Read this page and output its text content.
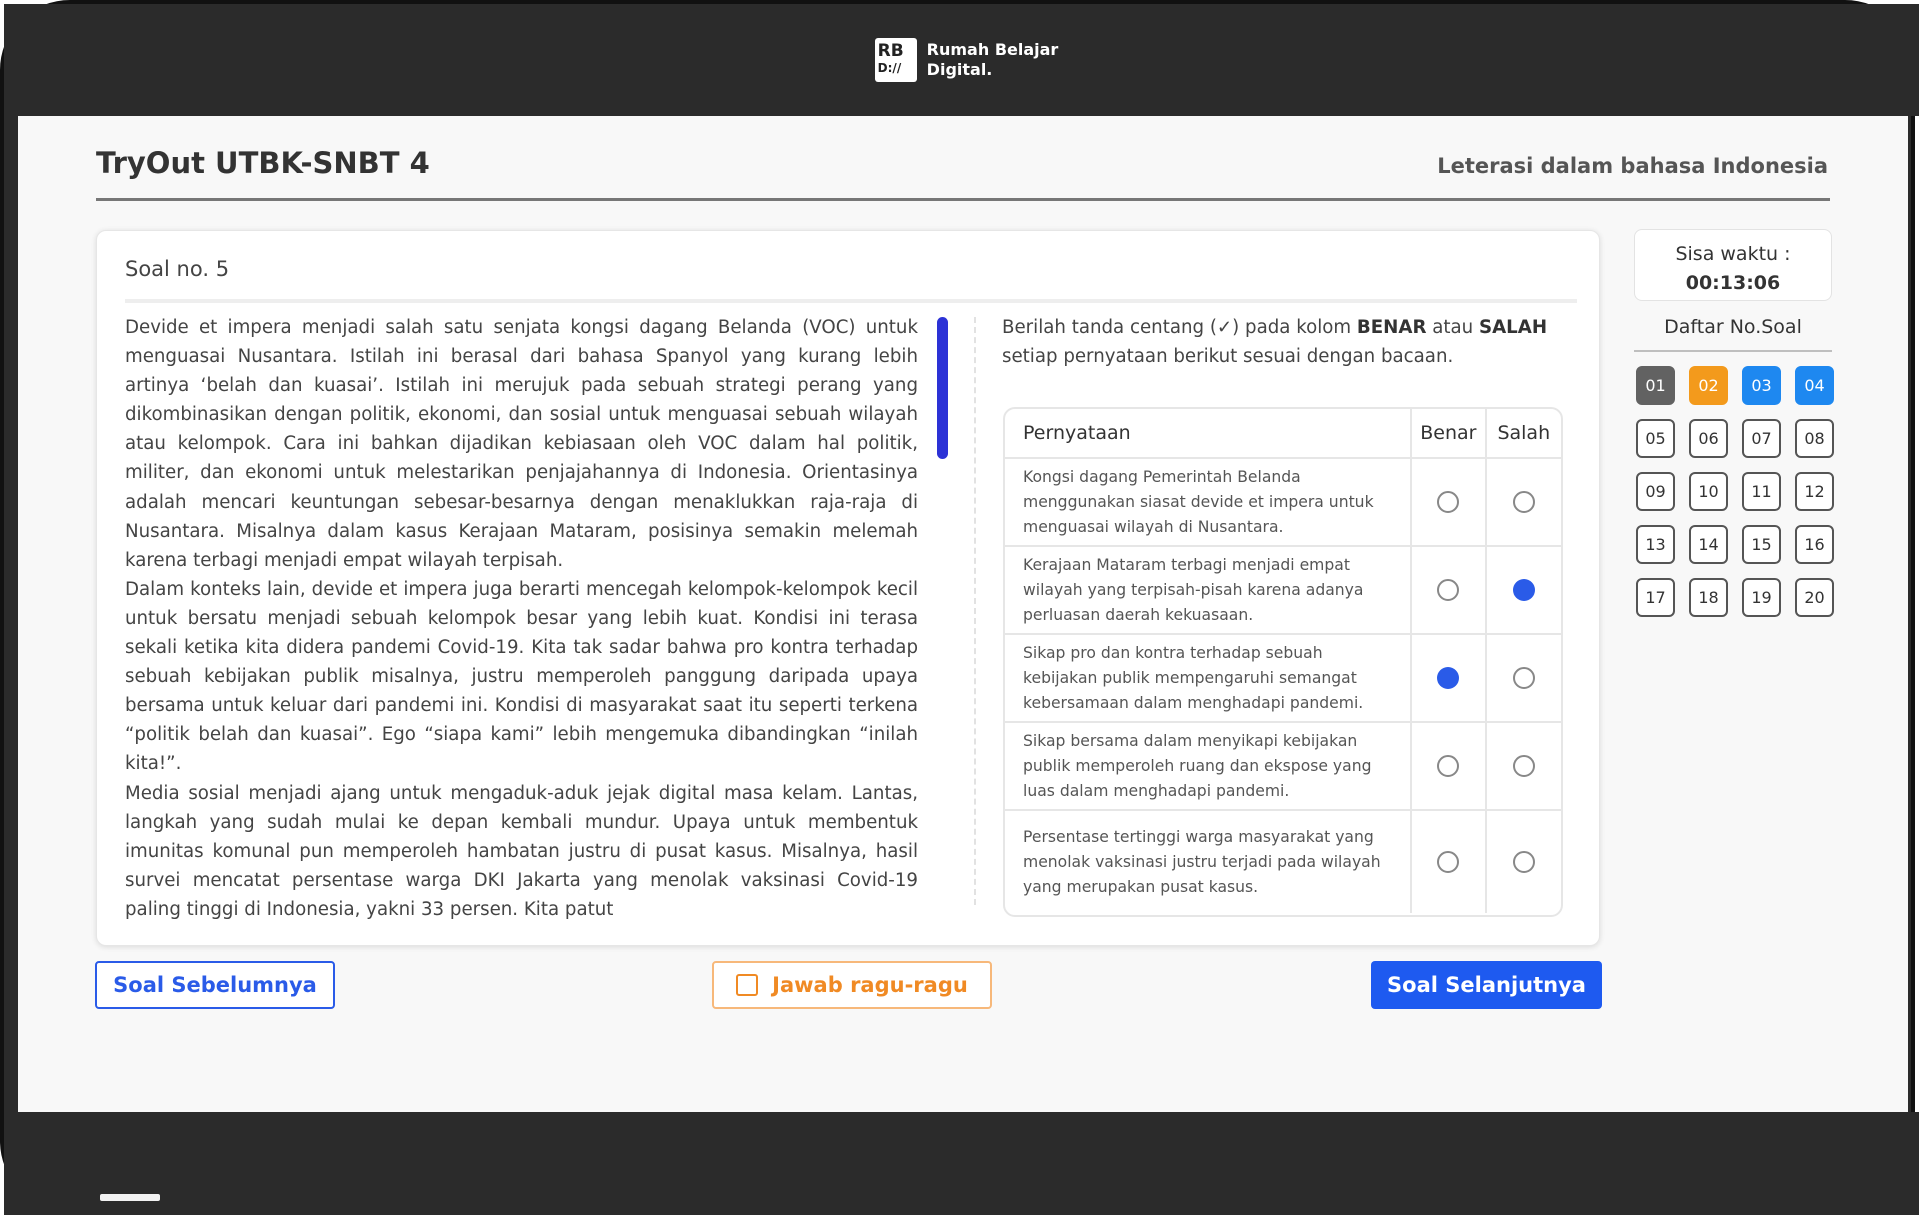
RB
D://
Rumah Belajar
Digital.
TryOut UTBK-SNBT 4	Leterasi dalam bahasa Indonesia
Soal no. 5

Devide et impera menjadi salah satu senjata kongsi dagang Belanda (VOC) untuk menguasai Nusantara. Istilah ini berasal dari bahasa Spanyol yang kurang lebih artinya ‘belah dan kuasai’. Istilah ini merujuk pada sebuah strategi perang yang dikombinasikan dengan politik, ekonomi, dan sosial untuk menguasai sebuah wilayah atau kelompok. Cara ini bahkan dijadikan kebiasaan oleh VOC dalam hal politik, militer, dan ekonomi untuk melestarikan penjajahannya di Indonesia. Orientasinya adalah mencari keuntungan sebesar-besarnya dengan menaklukkan raja-raja di Nusantara. Misalnya dalam kasus Kerajaan Mataram, posisinya semakin melemah karena terbagi menjadi empat wilayah terpisah.

Dalam konteks lain, devide et impera juga berarti mencegah kelompok-kelompok kecil untuk bersatu menjadi sebuah kelompok besar yang lebih kuat. Kondisi ini terasa sekali ketika kita didera pandemi Covid-19. Kita tak sadar bahwa pro kontra terhadap sebuah kebijakan publik misalnya, justru memperoleh panggung daripada upaya bersama untuk keluar dari pandemi ini. Kondisi di masyarakat saat itu seperti terkena “politik belah dan kuasai”. Ego “siapa kami” lebih mengemuka dibandingkan “inilah kita!”.

Media sosial menjadi ajang untuk mengaduk-aduk jejak digital masa kelam. Lantas, langkah yang sudah mulai ke depan kembali mundur. Upaya untuk membentuk imunitas komunal pun memperoleh hambatan justru di pusat kasus. Misalnya, hasil survei mencatat persentase warga DKI Jakarta yang menolak vaksinasi Covid-19 paling tinggi di Indonesia, yakni 33 persen. Kita patut

Berilah tanda centang (✓) pada kolom BENAR atau SALAH setiap pernyataan berikut sesuai dengan bacaan.
Pernyataan	Benar	Salah
Kongsi dagang Pemerintah Belanda menggunakan siasat devide et impera untuk menguasai wilayah di Nusantara.
Kerajaan Mataram terbagi menjadi empat wilayah yang terpisah-pisah karena adanya perluasan daerah kekuasaan.
Sikap pro dan kontra terhadap sebuah kebijakan publik mempengaruhi semangat kebersamaan dalam menghadapi pandemi.
Sikap bersama dalam menyikapi kebijakan publik memperoleh ruang dan ekspose yang luas dalam menghadapi pandemi.
Persentase tertinggi warga masyarakat yang menolak vaksinasi justru terjadi pada wilayah yang merupakan pusat kasus.
Sisa waktu :
00:13:06
Daftar No.Soal
01	02	03	04
05	06	07	08
09	10	11	12
13	14	15	16
17	18	19	20
Soal Sebelumnya	Jawab ragu-ragu	Soal Selanjutnya
